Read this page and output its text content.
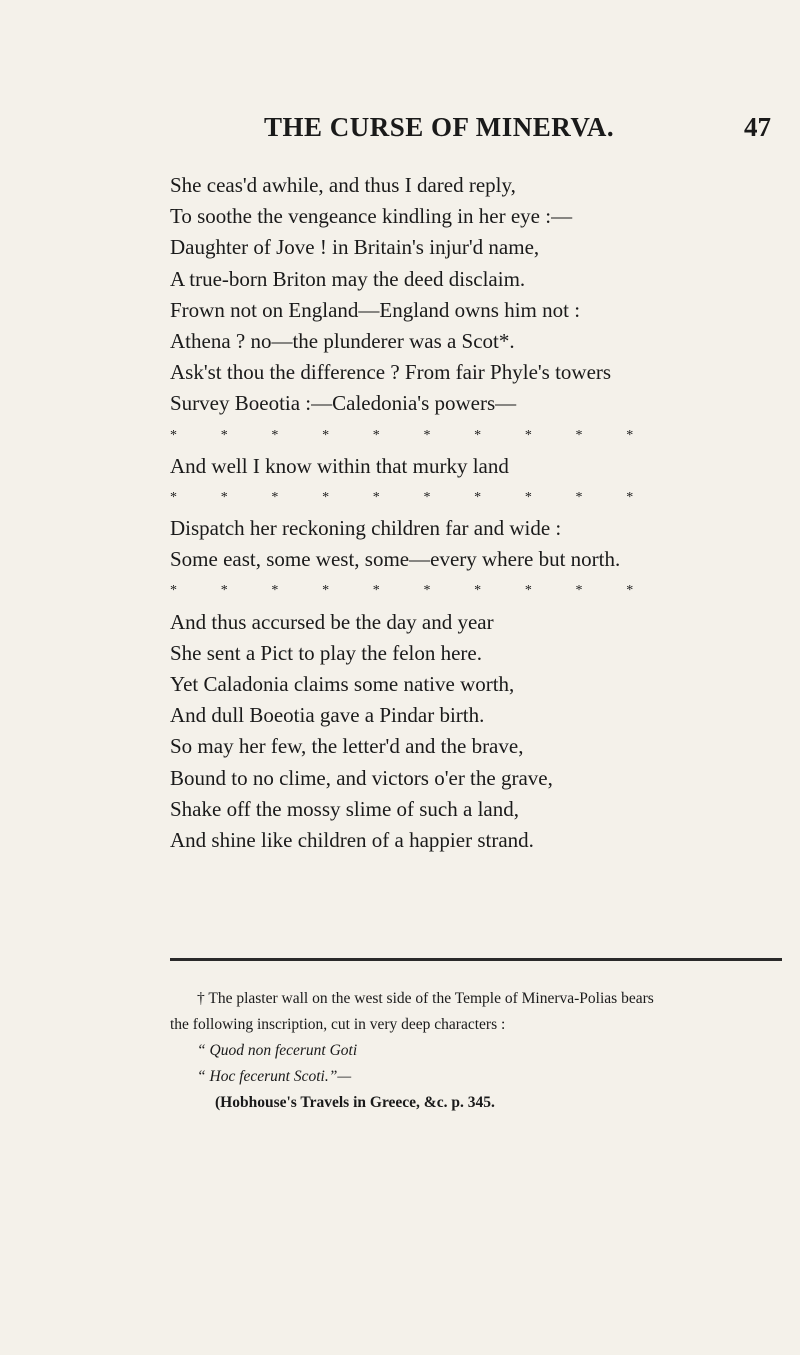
THE CURSE OF MINERVA.	47
She ceas'd awhile, and thus I dared reply,
To soothe the vengeance kindling in her eye :—
Daughter of Jove ! in Britain's injur'd name,
A true-born Briton may the deed disclaim.
Frown not on England—England owns him not :
Athena ? no—the plunderer was a Scot*.
Ask'st thou the difference ? From fair Phyle's towers
Survey Boeotia :—Caledonia's powers—
*	*	*	*	*	*	*	*	*	*
And well I know within that murky land
*	*	*	*	*	*	*	*	*	*
Dispatch her reckoning children far and wide :
Some east, some west, some—every where but north.
*	*	*	*	*	*	*	*	*	*
And thus accursed be the day and year
She sent a Pict to play the felon here.
Yet Caladonia claims some native worth,
And dull Boeotia gave a Pindar birth.
So may her few, the letter'd and the brave,
Bound to no clime, and victors o'er the grave,
Shake off the mossy slime of such a land,
And shine like children of a happier strand.
† The plaster wall on the west side of the Temple of Minerva-Polias bears
the following inscription, cut in very deep characters :
“ Quod non fecerunt Goti
“ Hoc fecerunt Scoti.”—
(Hobhouse's Travels in Greece, &c. p. 345.
